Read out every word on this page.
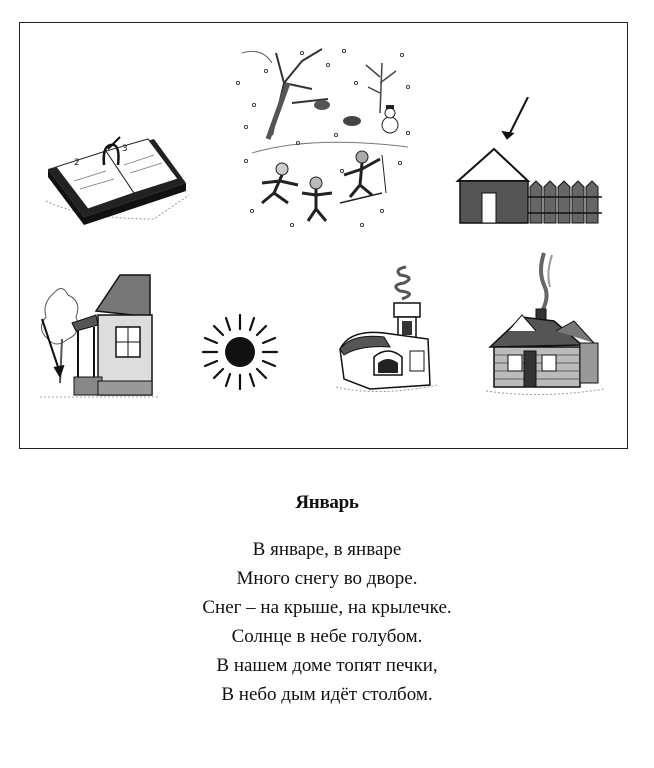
2
3
Январь
В январе, в январе
Много снегу во дворе.
Снег – на крыше, на крылечке.
Солнце в небе голубом.
В нашем доме топят печки,
В небо дым идёт столбом.
